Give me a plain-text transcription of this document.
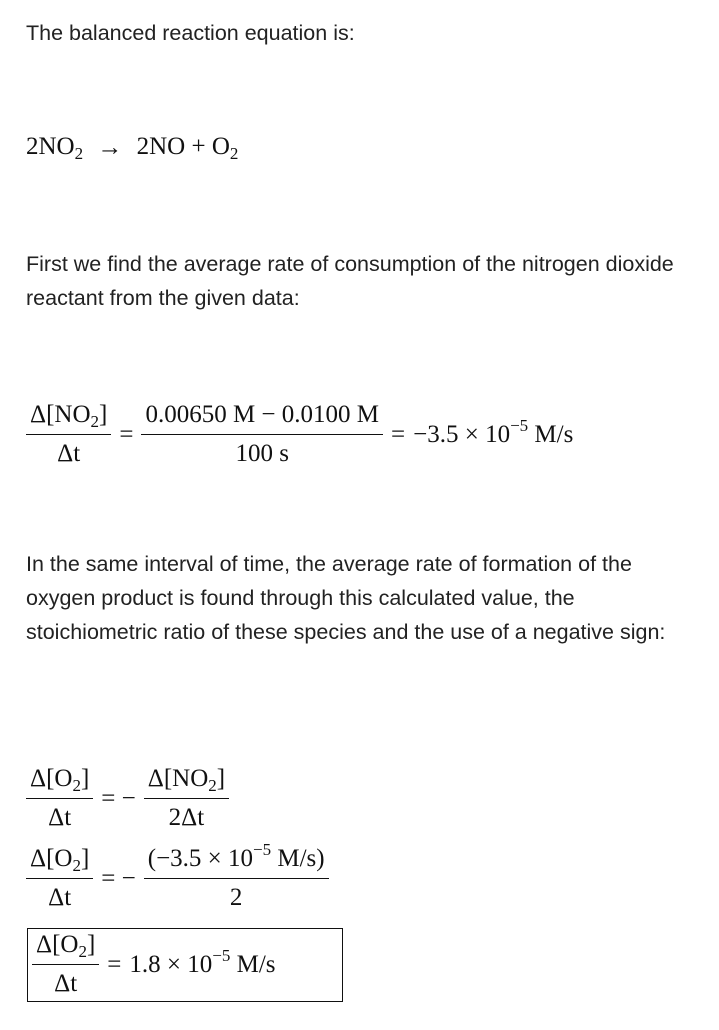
The balanced reaction equation is:

$2NO_2 \to 2NO + O_2$

First we find the average rate of consumption of the nitrogen dioxide reactant from the given data:

$\frac{\Delta[NO_2]}{\Delta t} = \frac{0.00650 M - 0.0100 M}{100 s} = -3.5 \times 10^{-5}$ M/s

In the same interval of time, the average rate of formation of the oxygen product is found through this calculated value, the stoichiometric ratio of these species and the use of a negative sign:

$\frac{\Delta[O_2]}{\Delta t}$ = − $\frac{\Delta[NO_2]}{2\Delta t}$
$\frac{\Delta[O_2]}{\Delta t}$ = − $\frac{(-3.5 \times 10^{-5} M/s)}{2}$
$\frac{\Delta[O_2]}{\Delta t} = 1.8 \times 10^{-5}$ M/s
